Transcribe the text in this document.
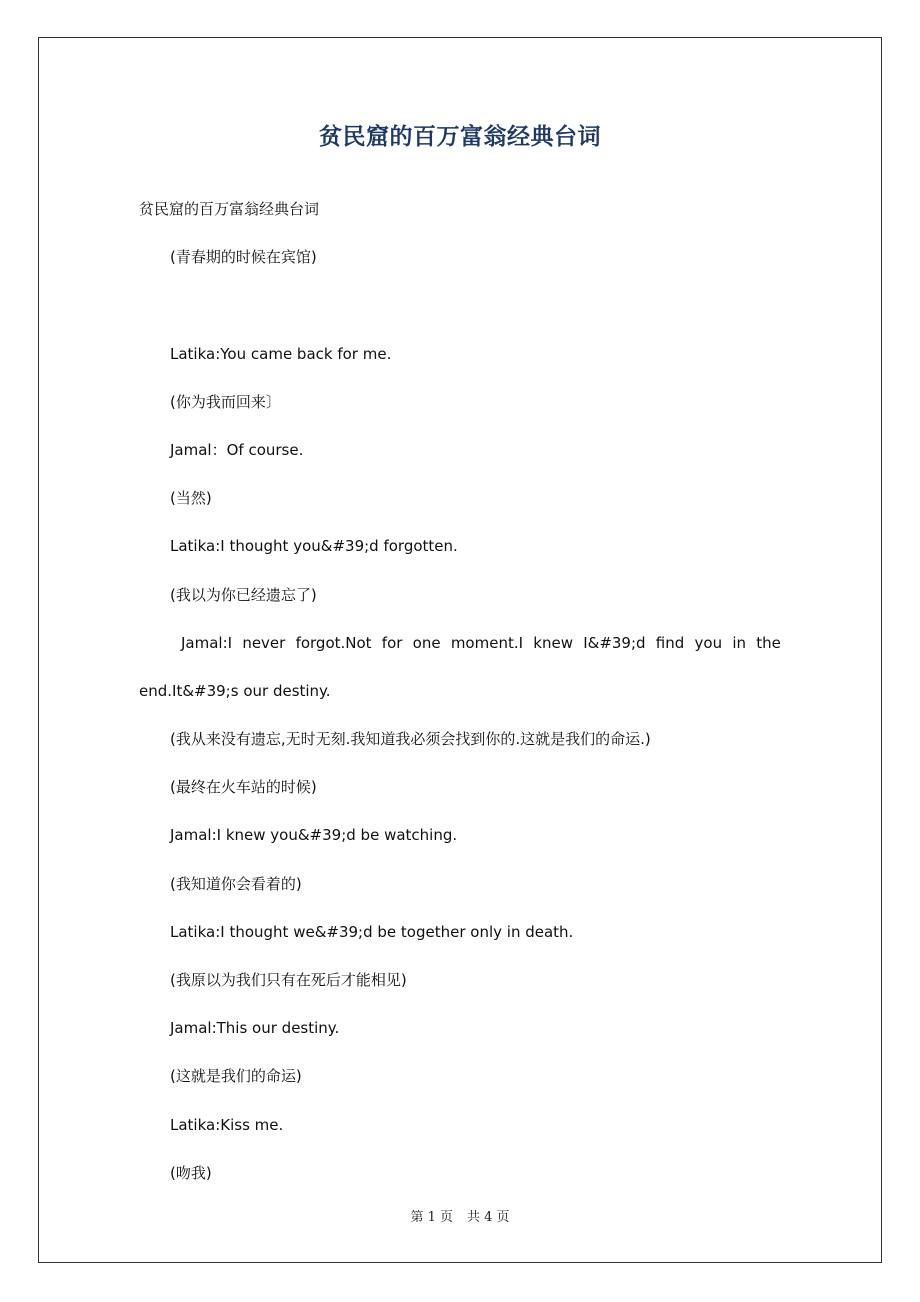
贫民窟的百万富翁经典台词
贫民窟的百万富翁经典台词
(青春期的时候在宾馆)
Latika:You came back for me.
(你为我而回来〕
Jamal：Of course.
(当然)
Latika:I thought you&#39;d forgotten.
(我以为你已经遗忘了)
Jamal:I never forgot.Not for one moment.I knew I&#39;d find you in the
end.It&#39;s our destiny.
(我从来没有遗忘,无时无刻.我知道我必须会找到你的.这就是我们的命运.)
(最终在火车站的时候)
Jamal:I knew you&#39;d be watching.
(我知道你会看着的)
Latika:I thought we&#39;d be together only in death.
(我原以为我们只有在死后才能相见)
Jamal:This our destiny.
(这就是我们的命运)
Latika:Kiss me.
(吻我)
第 1 页 共 4 页
